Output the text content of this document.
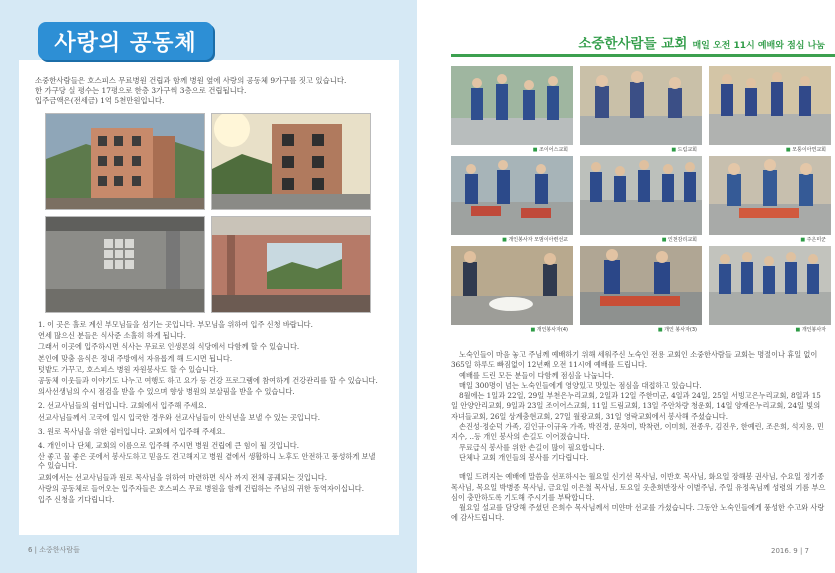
사랑의 공동체
소중한사람들은 호스피스 무료병원 건립과 함께 병원 옆에 사랑의 공동체 9가구를 짓고 있습니다.
한 가구당 실 평수는 17평으로 한층 3가구씩 3층으로 건립됩니다.
입주금액은(전세금) 1억 5천만원입니다.

1. 이 곳은 홀로 계신 부모님들을 섬기는 곳입니다. 부모님을 위하여 입주 신청 바랍니다.

연세 많으신 분들은 식사준 소홀히 하게 됩니다.

그래서 이곳에 입주하시면 식사는 무료로 인생론의 식당에서 다함께 할 수 있습니다.

본인에 맞춤 음식은 정내 주방에서 자유롭게 해 드시면 됩니다.

텃밭도 가꾸고, 호스피스 병원 자원봉사도 할 수 있습니다.

공동체 이웃들과 이야기도 나누고 여행도 하고 요가 등 건강 프로그램에 참여하게 건강관리를 할 수 있습니다.

의사선생님의 수시 점검을 받을 수 있으며 향상 병원의 보살핌을 받을 수 있습니다.

2. 선교사님들의 쉼터입니다. 교회에서 입주해 주세요.

선교사님들께서 고국에 일시 입국한 경우와 선교사님들이 안식년을 보낼 수 있는 곳입니다.

3. 원로 목사님을 위한 쉼터입니다. 교회에서 입주해 주세요.

4. 개인이나 단체, 교회의 이름으로 입주해 주시면 병원 건립에 큰 힘이 될 것입니다.

산 좋고 물 좋은 곳에서 봉사도하고 믿음도 견고해지고 병원 곁에서 생활하니 노후도 안전하고 풍성하게 보낼 수 있습니다.

교회에서는 선교사님들과 원로 목사님을 위하여 마련하면 식사 까지 전체 공궤되는 것입니다.

사랑의 공동체로 들어오는 입주자들은 호스피스 무료 병원을 함께 건립하는 주님의 귀한 동역자이십니다.

입주 신청을 기다립니다.

6 | 소중한사람들
소중한사람들 교회 매일 오전 11시 예배와 점심 나눔
■ 조이어스교회	■ 드림교회	■ 모퉁이아연교회
■ 개인봉사자 모범이아련선교	■ 인천감리교회	■ 주은미군
■ 개인봉사자(4)	■ 개인 봉사자(3)	■ 개인봉사자

노숙인들이 마음 놓고 주님께 예배하기 위해 세워주신 노숙인 전용 교회인 소중한사람들 교회는 명절이나 휴일 없이 365일 하루도 빠짐없이 12년째 오전 11시에 예배를 드립니다.

예배를 드린 모든 분들이 다함께 점심을 나눕니다.

매일 300명이 넘는 노숙인들에게 영양있고 맛있는 점심을 대접하고 있습니다.

8월에는 1일과 22일, 29일 부천은누리교회, 2일과 12일 주한미군, 4일과 24일, 25일 서빙고은누리교회, 8일과 15일 안양안리교회, 9일과 23일 조이어스교회, 11일 드림교회, 13일 주안차량 청운회, 14일 양재은누리교회, 24일 빛의자녀들교회, 26일 상계충현교회, 27일 월광교회, 31일 영락교회에서 봉사해 주셨습니다.

손진성·정순덕 가족, 김인규·이규옥 가족, 박진경, 문차미, 박착련, 이미희, 전종우, 김진우, 한예린, 조은희, 석지용, 민지수, ..등 개인 봉사의 손길도 이어졌습니다.

무료급식 봉사를 위한 손길이 많이 필요합니다.

단체나 교회 개인들의 봉사를 기다립니다.

매일 드려지는 예배에 말씀을 선포하시는 월요일 신기선 목사님, 이반호 목사님, 화요일 장해봉 권사님, 수요일 정기종 목사님, 목요일 박병종 목사님, 금요일 이은철 목사님, 토요일 옷춘희반장사 이별주님, 주일 유정옥님께 성령의 기름 부으심이 충만하도록 기도해 주시기를 부탁합니다.

월요일 설교를 담당해 주셨던 은희수 목사님께서 미얀마 선교를 가셨습니다. 그동안 노숙인들에게 풍성한 수고와 사랑에 감사드립니다.

2016. 9 | 7
